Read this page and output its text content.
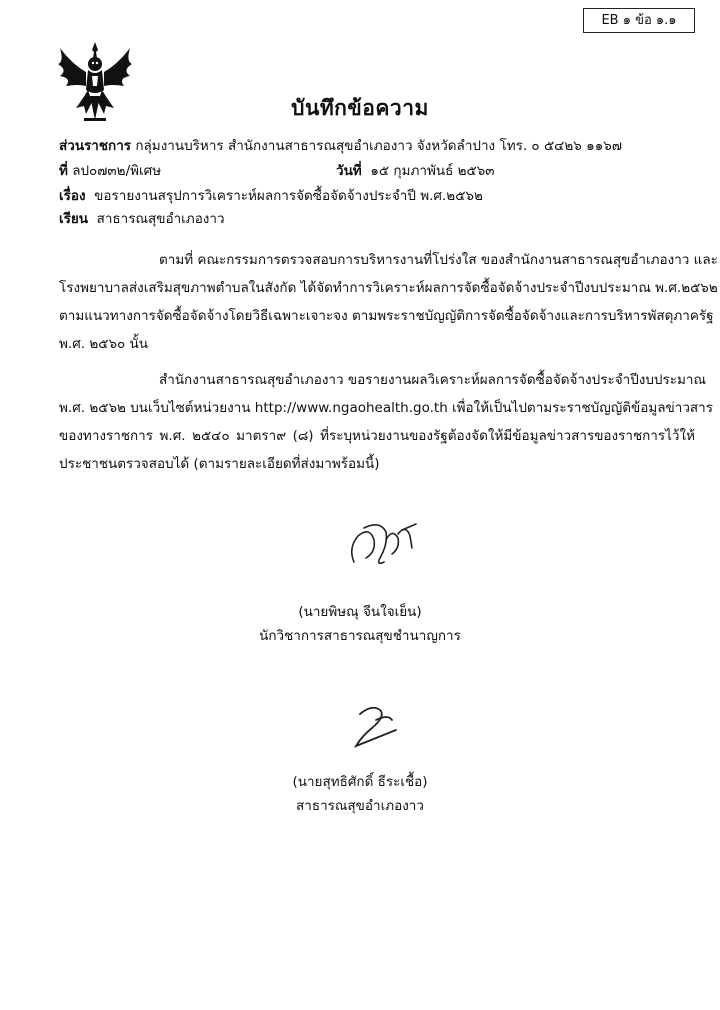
EB ๑ ข้อ ๑.๑
บันทึกข้อความ
ส่วนราชการ กลุ่มงานบริหาร สำนักงานสาธารณสุขอำเภองาว จังหวัดลำปาง โทร. ๐ ๕๔๒๖ ๑๑๖๗
ที่ ลป๐๗๓๒/พิเศษ	วันที่ ๑๕ กุมภาพันธ์ ๒๕๖๓
เรื่อง ขอรายงานสรุปการวิเคราะห์ผลการจัดซื้อจัดจ้างประจำปี พ.ศ.๒๕๖๒
เรียน สาธารณสุขอำเภองาว
ตามที่ คณะกรรมการตรวจสอบการบริหารงานที่โปร่งใส ของสำนักงานสาธารณสุขอำเภองาว และ
โรงพยาบาลส่งเสริมสุขภาพตำบลในสังกัด ได้จัดทำการวิเคราะห์ผลการจัดซื้อจัดจ้างประจำปีงบประมาณ พ.ศ.๒๕๖๒
ตามแนวทางการจัดซื้อจัดจ้างโดยวิธีเฉพาะเจาะจง ตามพระราชบัญญัติการจัดซื้อจัดจ้างและการบริหารพัสดุภาครัฐ
พ.ศ. ๒๕๖๐ นั้น
สำนักงานสาธารณสุขอำเภองาว ขอรายงานผลวิเคราะห์ผลการจัดซื้อจัดจ้างประจำปีงบประมาณ
พ.ศ. ๒๕๖๒ บนเว็บไซต์หน่วยงาน http://www.ngaohealth.go.th เพื่อให้เป็นไปตามระราชบัญญัติข้อมูลข่าวสาร
ของทางราชการ พ.ศ. ๒๕๔๐ มาตรา๙ (๘) ที่ระบุหน่วยงานของรัฐต้องจัดให้มีข้อมูลข่าวสารของราชการไว้ให้
ประชาชนตรวจสอบได้ (ตามรายละเอียดที่ส่งมาพร้อมนี้)
(นายพิษณุ จีนใจเย็น)
นักวิชาการสาธารณสุขชำนาญการ
(นายสุทธิศักดิ์ ธีระเชื้อ)
สาธารณสุขอำเภองาว
